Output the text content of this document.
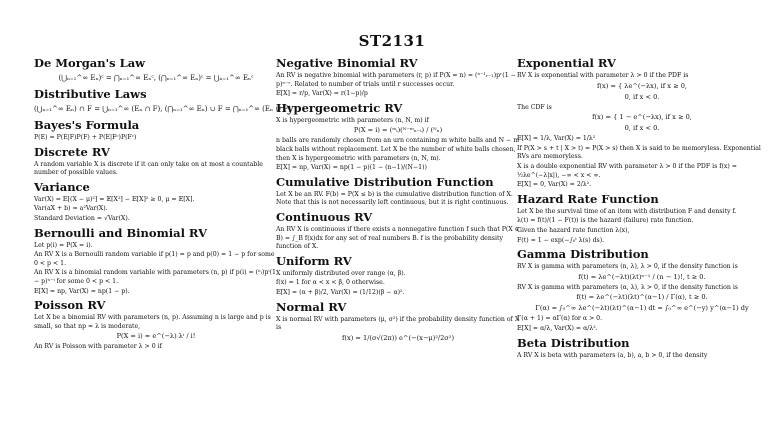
ST2131
De Morgan's Law
(⋃ₙ₌₁^∞ Eₙ)ᶜ = ⋂ₙ₌₁^∞ Eₙᶜ, (⋂ₙ₌₁^∞ Eₙ)ᶜ = ⋃ₙ₌₁^∞ Eₙᶜ
Distributive Laws
(⋃ₙ₌₁^∞ Eₙ) ∩ F = ⋃ₙ₌₁^∞ (Eₙ ∩ F), (⋂ₙ₌₁^∞ Eₙ) ∪ F = ⋂ₙ₌₁^∞ (Eₙ ∪ F)
Bayes's Formula

P(E) = P(E|F)P(F) + P(E|Fᶜ)P(Fᶜ)

Discrete RV

A random variable X is discrete if it can only take on at most a countable number of possible values.

Variance

Var(X) = 𝔼[(X − μ)²] = 𝔼[X²] − 𝔼[X]² ≥ 0, μ = 𝔼[X].

Var(aX + b) = a²Var(X).

Standard Deviation = √Var(X).

Bernoulli and Binomial RV

Let p(i) = P(X = i).

An RV X is a Bernoulli random variable if p(1) = p and p(0) = 1 − p for some 0 < p < 1.

An RV X is a binomial random variable with parameters (n, p) if p(i) = (ⁿᵢ)pⁱ(1 − p)ⁿ⁻ⁱ for some 0 < p < 1.

𝔼[X] = np, Var(X) = np(1 − p).

Poisson RV

Let X be a binomial RV with parameters (n, p). Assuming n is large and p is small, so that np ≈ λ is moderate,

P(X = i) ≈ e^(−λ) λⁱ / i!

An RV is Poisson with parameter λ > 0 if

Negative Binomial RV

An RV is negative binomial with parameters (r, p) if P(X = n) = (ⁿ⁻¹ᵣ₋₁)pʳ(1 − p)ⁿ⁻ʳ. Related to number of trials until r successes occur.

𝔼[X] = r/p, Var(X) = r(1−p)/p

Hypergeometric RV

X is hypergeometric with parameters (n, N, m) if

P(X = i) = (ᵐᵢ)(ᴺ⁻ᵐₙ₋ᵢ) / (ᴺₙ)

n balls are randomly chosen from an urn containing m white balls and N − m black balls without replacement. Let X be the number of white balls chosen, then X is hypergeometric with parameters (n, N, m).

𝔼[X] = np, Var(X) = np(1 − p)(1 − (n−1)/(N−1))

Cumulative Distribution Function

Let X be an RV. F(b) = P(X ≤ b) is the cumulative distribution function of X. Note that this is not necessarily left continuous, but it is right continuous.

Continuous RV

An RV X is continuous if there exists a nonnegative function f such that P(X ∈ B) = ∫_B f(x)dx for any set of real numbers B. f is the probability density function of X.

Uniform RV

X uniformly distributed over range (α, β).

f(x) = 1 for α < x < β, 0 otherwise.

𝔼[X] = (α + β)/2, Var(X) = (1/12)(β − α)².

Normal RV

X is normal RV with parameters (μ, σ²) if the probability density function of X is

f(x) = 1/(σ√(2π)) e^(−(x−μ)²/2σ²)
Exponential RV

RV X is exponential with parameter λ > 0 if the PDF is

f(x) = { λe^(−λx), if x ≥ 0,
0, if x < 0.

The CDF is

f(x) = { 1 − e^(−λx), if x ≥ 0,
0, if x < 0.

𝔼[X] = 1/λ, Var(X) = 1/λ²

If P(X > s + t | X > t) = P(X > s) then X is said to be memoryless. Exponential RVs are memoryless.

X is a double exponential RV with parameter λ > 0 if the PDF is f(x) = ½λe^(−λ|x|), −∞ < x < ∞.

𝔼[X] = 0, Var(X) = 2/λ².

Hazard Rate Function

Let X be the survival time of an item with distribution F and density f.

λ(t) = f(t)/(1 − F(t)) is the hazard (failure) rate function.

Given the hazard rate function λ(x),

F(t) = 1 − exp(−∫₀ᵗ λ(s) ds).

Gamma Distribution

RV X is gamma with parameters (n, λ), λ > 0, if the density function is

f(t) = λe^(−λt)(λt)ⁿ⁻¹ / (n − 1)!, t ≥ 0.

RV X is gamma with parameters (α, λ), λ > 0, if the density function is

f(t) = λe^(−λt)(λt)^(α−1) / Γ(α), t ≥ 0.
Γ(α) = ∫₀^∞ λe^(−λt)(λt)^(α−1) dt = ∫₀^∞ e^(−y) y^(α−1) dy

Γ(α + 1) = αΓ(α) for α > 0.

𝔼[X] = α/λ, Var(X) = α/λ².

Beta Distribution

A RV X is beta with parameters (a, b), a, b > 0, if the density
